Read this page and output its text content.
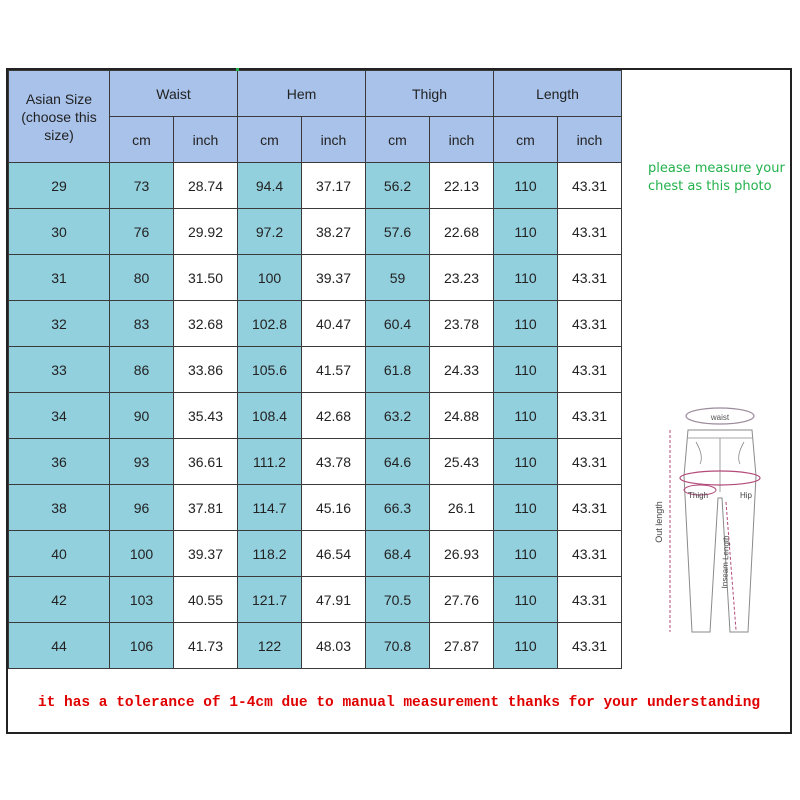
Asian Size
(choose this
size)	Waist		Hem		Thigh		Length	
	cm	inch	cm	inch	cm	inch	cm	inch
29	73	28.74	94.4	37.17	56.2	22.13	110	43.31
30	76	29.92	97.2	38.27	57.6	22.68	110	43.31
31	80	31.50	100	39.37	59	23.23	110	43.31
32	83	32.68	102.8	40.47	60.4	23.78	110	43.31
33	86	33.86	105.6	41.57	61.8	24.33	110	43.31
34	90	35.43	108.4	42.68	63.2	24.88	110	43.31
36	93	36.61	111.2	43.78	64.6	25.43	110	43.31
38	96	37.81	114.7	45.16	66.3	26.1	110	43.31
40	100	39.37	118.2	46.54	68.4	26.93	110	43.31
42	103	40.55	121.7	47.91	70.5	27.76	110	43.31
44	106	41.73	122	48.03	70.8	27.87	110	43.31
please measure your
chest as this photo
waist
Thigh	Hip
Out length
Inseam Length
it has a tolerance of 1-4cm due to manual measurement thanks for your understanding
